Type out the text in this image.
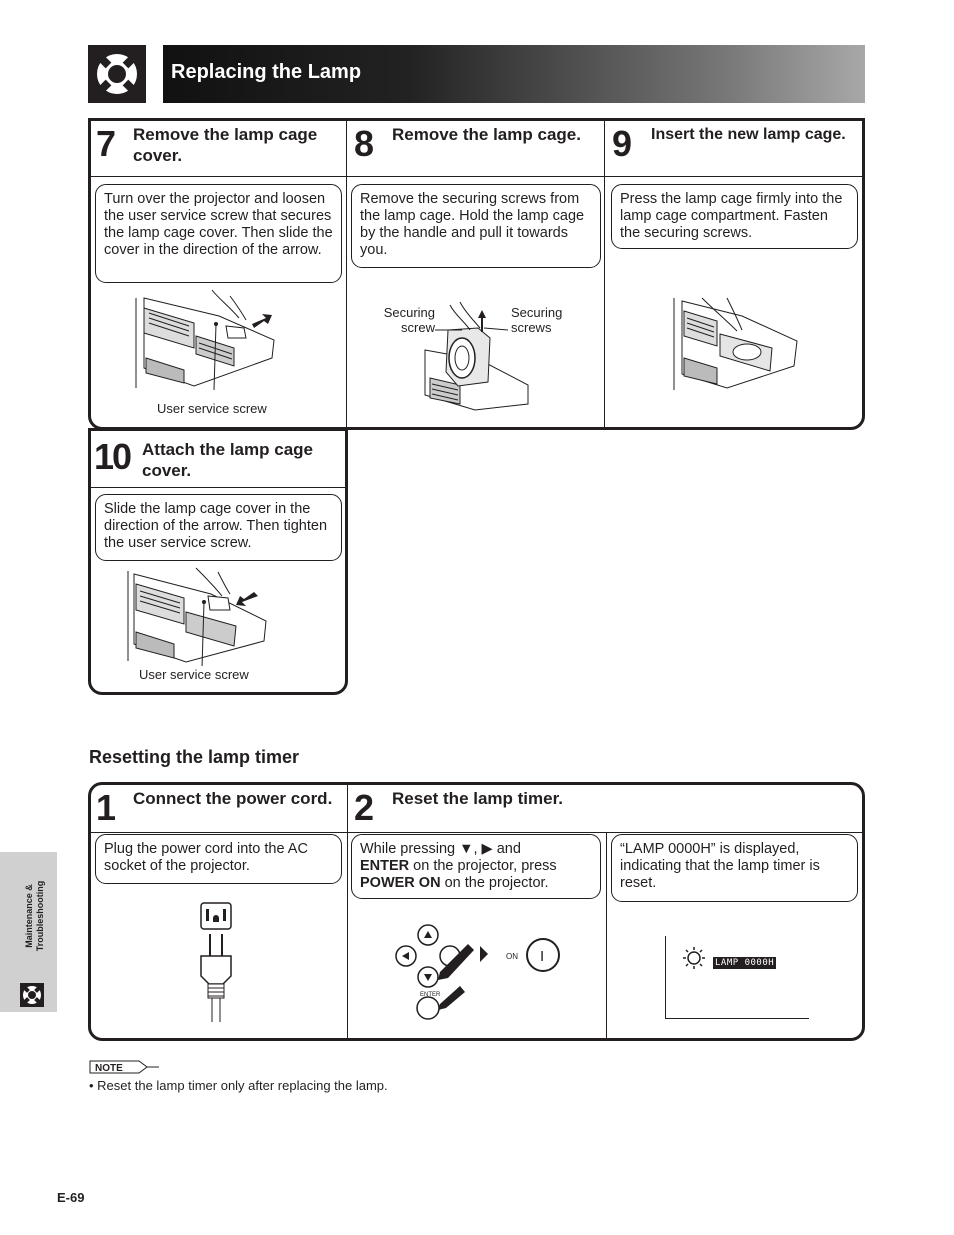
Replacing the Lamp
7 Remove the lamp cage cover.
Turn over the projector and loosen the user service screw that secures the lamp cage cover. Then slide the cover in the direction of the arrow.
User service screw
8 Remove the lamp cage.
Remove the securing screws from the lamp cage. Hold the lamp cage by the handle and pull it towards you.
Securing screw
Securing screws
9 Insert the new lamp cage.
Press the lamp cage firmly into the lamp cage compartment. Fasten the securing screws.
10 Attach the lamp cage cover.
Slide the lamp cage cover in the direction of the arrow. Then tighten the user service screw.
User service screw
Resetting the lamp timer
1 Connect the power cord.
Plug the power cord into the AC socket of the projector.
2 Reset the lamp timer.
While pressing ▼, ▶ and
ENTER on the projector, press
POWER ON on the projector.
ENTER
ON I
“LAMP 0000H” is displayed, indicating that the lamp timer is reset.
LAMP 0000H
NOTE
• Reset the lamp timer only after replacing the lamp.
Maintenance &
Troubleshooting
E-69
